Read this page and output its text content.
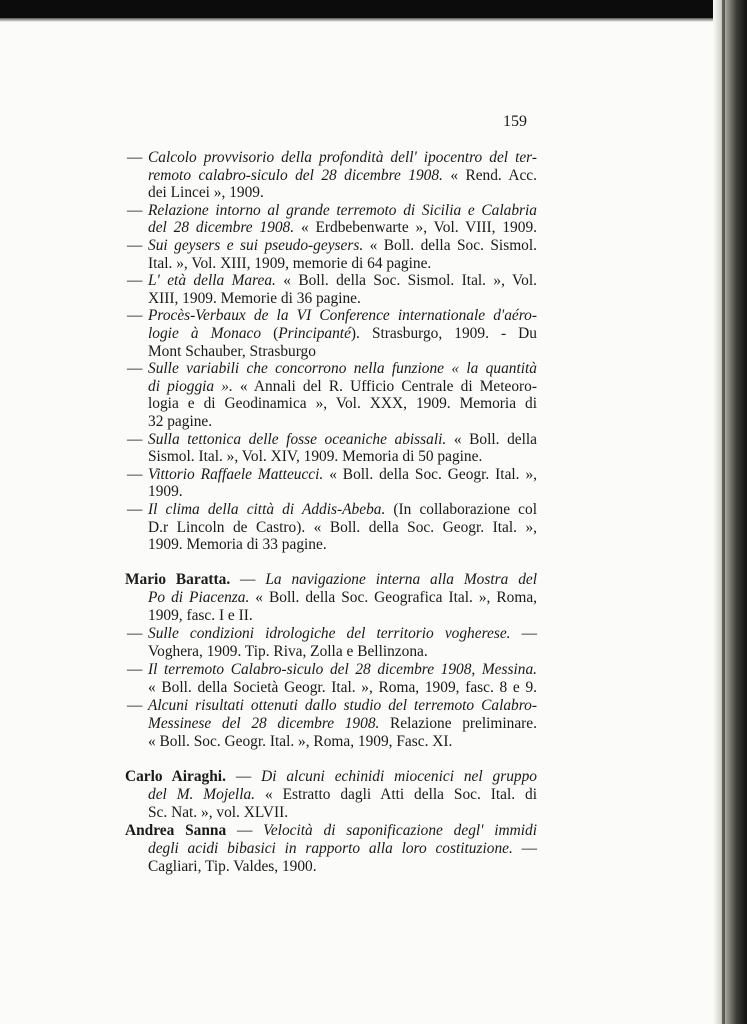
159
— Calcolo provvisorio della profondità dell' ipocentro del ter-
remoto calabro-siculo del 28 dicembre 1908. « Rend. Acc.
dei Lincei », 1909.
— Relazione intorno al grande terremoto di Sicilia e Calabria
del 28 dicembre 1908. « Erdbebenwarte », Vol. VIII, 1909.
— Sui geysers e sui pseudo-geysers. « Boll. della Soc. Sismol.
Ital. », Vol. XIII, 1909, memorie di 64 pagine.
— L' età della Marea. « Boll. della Soc. Sismol. Ital. », Vol.
XIII, 1909. Memorie di 36 pagine.
— Procès-Verbaux de la VI Conference internationale d'aéro-
logie à Monaco (Principanté). Strasburgo, 1909. - Du
Mont Schauber, Strasburgo
— Sulle variabili che concorrono nella funzione « la quantità
di pioggia ». « Annali del R. Ufficio Centrale di Meteoro-
logia e di Geodinamica », Vol. XXX, 1909. Memoria di
32 pagine.
— Sulla tettonica delle fosse oceaniche abissali. « Boll. della
Sismol. Ital. », Vol. XIV, 1909. Memoria di 50 pagine.
— Vittorio Raffaele Matteucci. « Boll. della Soc. Geogr. Ital. »,
1909.
— Il clima della città di Addis-Abeba. (In collaborazione col
D.r Lincoln de Castro). « Boll. della Soc. Geogr. Ital. »,
1909. Memoria di 33 pagine.
Mario Baratta. — La navigazione interna alla Mostra del
Po di Piacenza. « Boll. della Soc. Geografica Ital. », Roma,
1909, fasc. I e II.
— Sulle condizioni idrologiche del territorio vogherese. —
Voghera, 1909. Tip. Riva, Zolla e Bellinzona.
— Il terremoto Calabro-siculo del 28 dicembre 1908, Messina.
« Boll. della Società Geogr. Ital. », Roma, 1909, fasc. 8 e 9.
— Alcuni risultati ottenuti dallo studio del terremoto Calabro-
Messinese del 28 dicembre 1908. Relazione preliminare.
« Boll. Soc. Geogr. Ital. », Roma, 1909, Fasc. XI.
Carlo Airaghi. — Di alcuni echinidi miocenici nel gruppo
del M. Mojella. « Estratto dagli Atti della Soc. Ital. di
Sc. Nat. », vol. XLVII.
Andrea Sanna — Velocità di saponificazione degl' immidi
degli acidi bibasici in rapporto alla loro costituzione. —
Cagliari, Tip. Valdes, 1900.
